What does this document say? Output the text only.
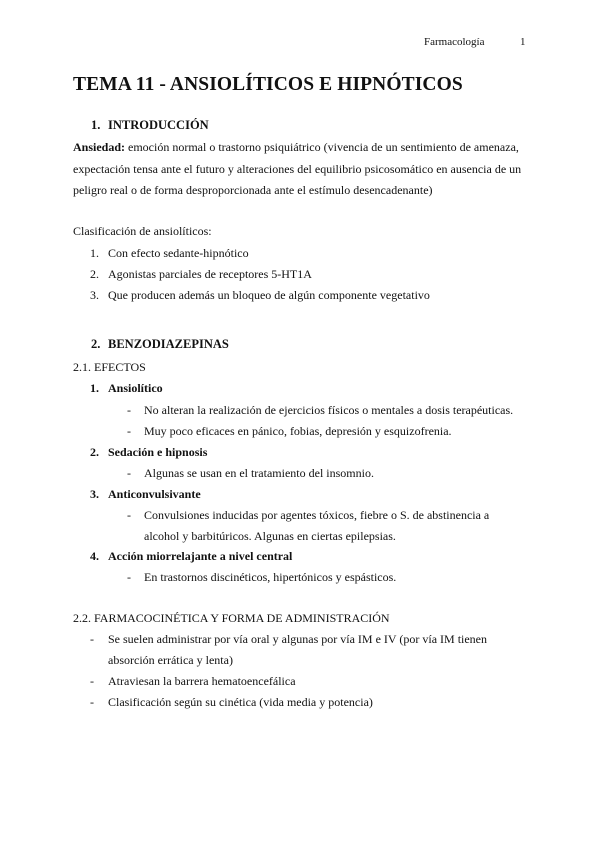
Farmacología	1
TEMA 11 - ANSIOLÍTICOS E HIPNÓTICOS
1. INTRODUCCIÓN
Ansiedad: emoción normal o trastorno psiquiátrico (vivencia de un sentimiento de amenaza,
expectación tensa ante el futuro y alteraciones del equilibrio psicosomático en ausencia de un
peligro real o de forma desproporcionada ante el estímulo desencadenante)
Clasificación de ansiolíticos:
1. Con efecto sedante-hipnótico
2. Agonistas parciales de receptores 5-HT1A
3. Que producen además un bloqueo de algún componente vegetativo
2. BENZODIAZEPINAS
2.1. EFECTOS
1. Ansiolítico
- No alteran la realización de ejercicios físicos o mentales a dosis terapéuticas.
- Muy poco eficaces en pánico, fobias, depresión y esquizofrenia.
2. Sedación e hipnosis
- Algunas se usan en el tratamiento del insomnio.
3. Anticonvulsivante
- Convulsiones inducidas por agentes tóxicos, fiebre o S. de abstinencia a
alcohol y barbitúricos. Algunas en ciertas epilepsias.
4. Acción miorrelajante a nivel central
- En trastornos discinéticos, hipertónicos y espásticos.
2.2. FARMACOCINÉTICA Y FORMA DE ADMINISTRACIÓN
- Se suelen administrar por vía oral y algunas por vía IM e IV (por vía IM tienen
absorción errática y lenta)
- Atraviesan la barrera hematoencefálica
- Clasificación según su cinética (vida media y potencia)
